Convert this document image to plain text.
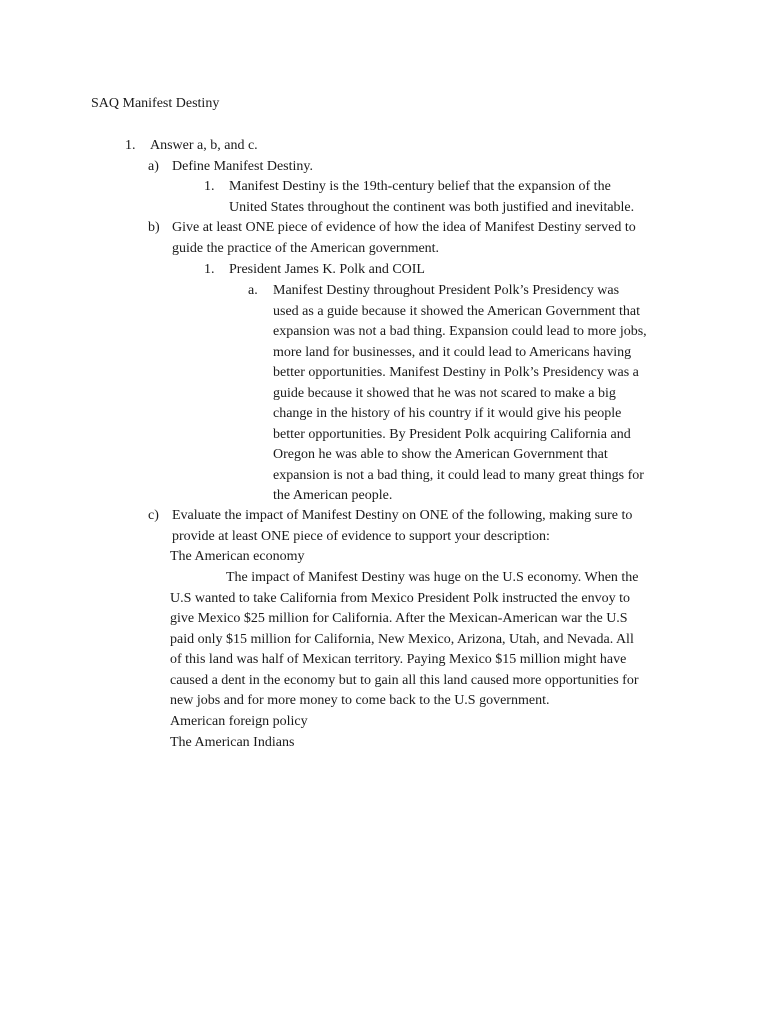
SAQ Manifest Destiny
1. Answer a, b, and c.
a) Define Manifest Destiny.
1. Manifest Destiny is the 19th-century belief that the expansion of the
United States throughout the continent was both justified and inevitable.
b) Give at least ONE piece of evidence of how the idea of Manifest Destiny served to
guide the practice of the American government.
1. President James K. Polk and COIL
a. Manifest Destiny throughout President Polk’s Presidency was
used as a guide because it showed the American Government that
expansion was not a bad thing. Expansion could lead to more jobs,
more land for businesses, and it could lead to Americans having
better opportunities. Manifest Destiny in Polk’s Presidency was a
guide because it showed that he was not scared to make a big
change in the history of his country if it would give his people
better opportunities. By President Polk acquiring California and
Oregon he was able to show the American Government that
expansion is not a bad thing, it could lead to many great things for
the American people.
c) Evaluate the impact of Manifest Destiny on ONE of the following, making sure to
provide at least ONE piece of evidence to support your description:
The American economy
The impact of Manifest Destiny was huge on the U.S economy. When the
U.S wanted to take California from Mexico President Polk instructed the envoy to
give Mexico $25 million for California. After the Mexican-American war the U.S
paid only $15 million for California, New Mexico, Arizona, Utah, and Nevada. All
of this land was half of Mexican territory. Paying Mexico $15 million might have
caused a dent in the economy but to gain all this land caused more opportunities for
new jobs and for more money to come back to the U.S government.
American foreign policy
The American Indians
